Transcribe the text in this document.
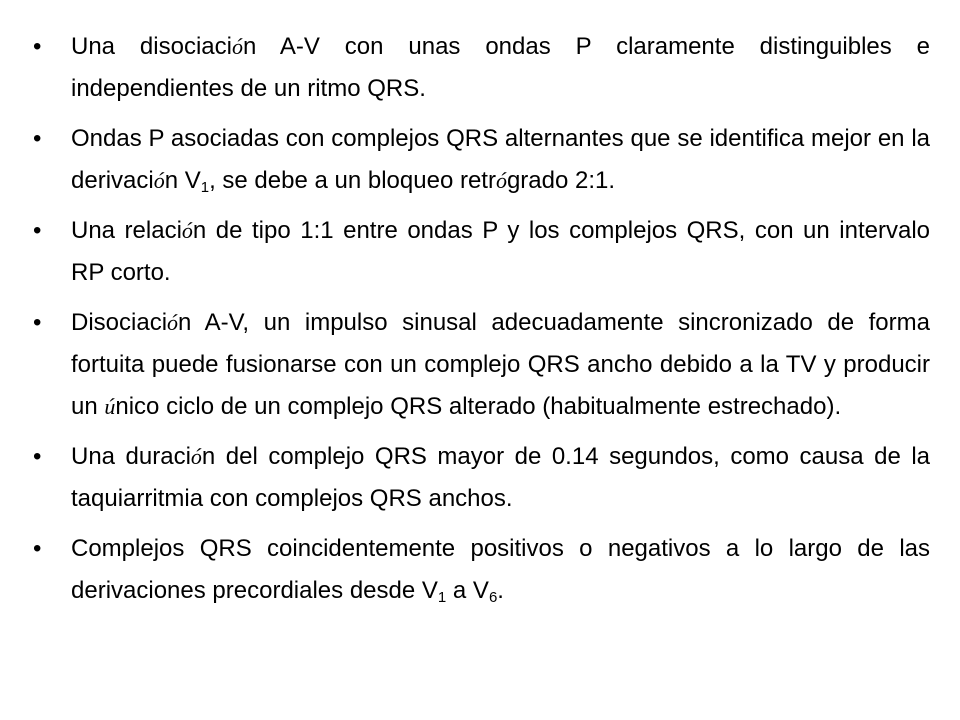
• Una disociación A-V con unas ondas P claramente distinguibles e independientes de un ritmo QRS.
• Ondas P asociadas con complejos QRS alternantes que se identifica mejor en la derivación $V_1$, se debe a un bloqueo retrógrado 2:1.
• Una relación de tipo 1:1 entre ondas P y los complejos QRS, con un intervalo RP corto.
• Disociación A-V, un impulso sinusal adecuadamente sincronizado de forma fortuita puede fusionarse con un complejo QRS ancho debido a la TV y producir un único ciclo de un complejo QRS alterado (habitualmente estrechado).
• Una duración del complejo QRS mayor de 0.14 segundos, como causa de la taquiarritmia con complejos QRS anchos.
• Complejos QRS coincidentemente positivos o negativos a lo largo de las derivaciones precordiales desde $V_1$ a $V_6$.
